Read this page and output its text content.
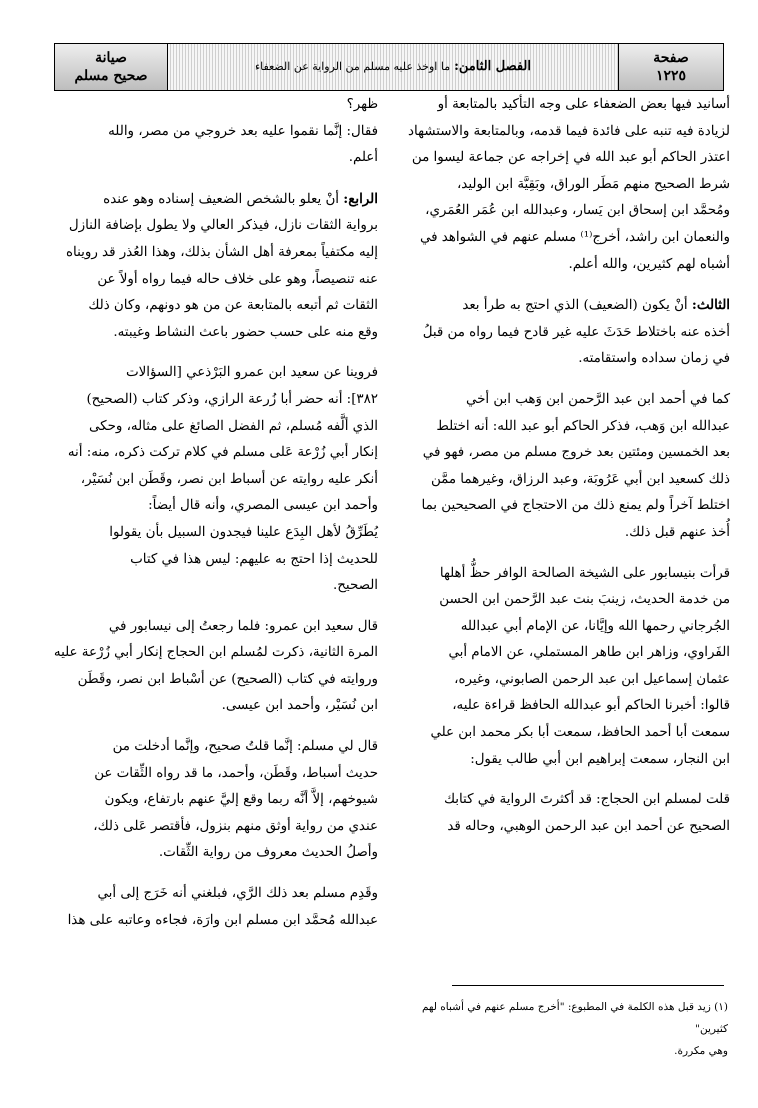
صفحة
١٢٢٥
الفصل الثامن:
ما اوخذ عليه مسلم من الرواية عن الضعفاء
صيانة
صحيح مسلم

أسانيد فيها بعض الضعفاء على وجه التأكيد بالمتابعة أو

لزيادة فيه تنبه على فائدة فيما قدمه، وبالمتابعة والاستشهاد

اعتذر الحاكم أبو عبد الله في إخراجه عن جماعة ليسوا من

شرط الصحيح منهم مَطَر الوراق، وبَقِيَّة ابن الوليد،

ومُحمَّد ابن إسحاق ابن يَسار، وعبدالله ابن عُمَر العُمَري،

والنعمان ابن راشد، أخرج⁽¹⁾ مسلم عنهم في الشواهد في

أشباه لهم كثيرين، والله أعلم.

الثالث: أنْ يكون (الضعيف) الذي احتج به طرأ بعد

أخذه عنه باختلاط حَدَثَ عليه غير قادح فيما رواه من قبلُ

في زمان سداده واستقامته.

كما في أحمد ابن عبد الرَّحمن ابن وَهب ابن أخي

عبدالله ابن وَهب، فذكر الحاكم أبو عبد الله: أنه اختلط

بعد الخمسين ومئتين بعد خروج مسلم من مصر، فهو في

ذلك كسعيد ابن أبي عَرُوبَة، وعبد الرزاق، وغيرهما ممَّن

اختلط آخراً ولم يمنع ذلك من الاحتجاج في الصحيحين بما

أُخذ عنهم قبل ذلك.

قرأت بنيسابور على الشيخة الصالحة الوافر حظُّ أهلها

من خدمة الحديث، زينبَ بنت عبد الرَّحمن ابن الحسن

الجُرجاني رحمها الله وإيَّانا، عن الإمام أبي عبدالله

الفَراوي، وزاهر ابن طاهر المستملي، عن الامام أبي

عثمان إسماعيل ابن عبد الرحمن الصابوني، وغيره،

قالوا: أخبرنا الحاكم أبو عبدالله الحافظ قراءة عليه،

سمعت أبا أحمد الحافظ، سمعت أبا بكر محمد ابن علي

ابن النجار، سمعت إبراهيم ابن أبي طالب يقول:

قلت لمسلم ابن الحجاج: قد أكثرتَ الرواية في كتابك

الصحيح عن أحمد ابن عبد الرحمن الوهبي، وحاله قد

ظهر؟

فقال: إنَّما نقموا عليه بعد خروجي من مصر، والله

أعلم.

الرابع: أنْ يعلو بالشخص الضعيف إسناده وهو عنده

برواية الثقات نازل، فيذكر العالي ولا يطول بإضافة النازل

إليه مكتفياً بمعرفة أهل الشأن بذلك، وهذا العُذر قد رويناه

عنه تنصيصاً، وهو على خلاف حاله فيما رواه أولاً عن

الثقات ثم أتبعه بالمتابعة عن من هو دونهم، وكان ذلك

وقع منه على حسب حضور باعث النشاط وغيبته.

فروينا عن سعيد ابن عمرو البَرْذعي [السؤالات

٣٨٢]: أنه حضر أبا زُرعة الرازي، وذكر كتاب (الصحيح)

الذي ألَّفه مُسلم، ثم الفضل الصائغ على مثاله، وحكى

إنكار أبي زُرْعة عَلى مسلم في كلام تركت ذكره، منه: أنه

أنكر عليه روايته عن أسباط ابن نصر، وقَطَن ابن نُسَيْر،

وأحمد ابن عيسى المصري، وأنه قال أيضاً:

يُطَرِّقُ لأهل البِدَع علينا فيجدون السبيل بأن يقولوا

للحديث إذا احتج به عليهم: ليس هذا في كتاب

الصحيح.

قال سعيد ابن عمرو: فلما رجعتُ إلى نيسابور في

المرة الثانية، ذكرت لمُسلم ابن الحجاج إنكار أبي زُرْعة عليه

وروايته في كتاب (الصحيح) عن أسْباط ابن نصر، وقَطَن

ابن نُسَيْر، وأحمد ابن عيسى.

قال لي مسلم: إنَّما قلتُ صحيح، وإنَّما أدخلت من

حديث أسباط، وقَطَن، وأحمد، ما قد رواه الثِّقات عن

شيوخهم، إلاَّ أنَّه ربما وقع إليَّ عنهم بارتفاع، ويكون

عندي من رواية أوثق منهم بنزول، فأقتصر عَلى ذلك،

وأصلُ الحديث معروف من رواية الثِّقات.

وقَدِم مسلم بعد ذلك الرَّي، فبلغني أنه خَرَج إلى أبي

عبدالله مُحمَّد ابن مسلم ابن وارَة، فجاءه وعاتبه على هذا

(١) زيد قبل هذه الكلمة في المطبوع: "أخرج مسلم عنهم في أشباه لهم كثيرين"
وهي مكررة.
